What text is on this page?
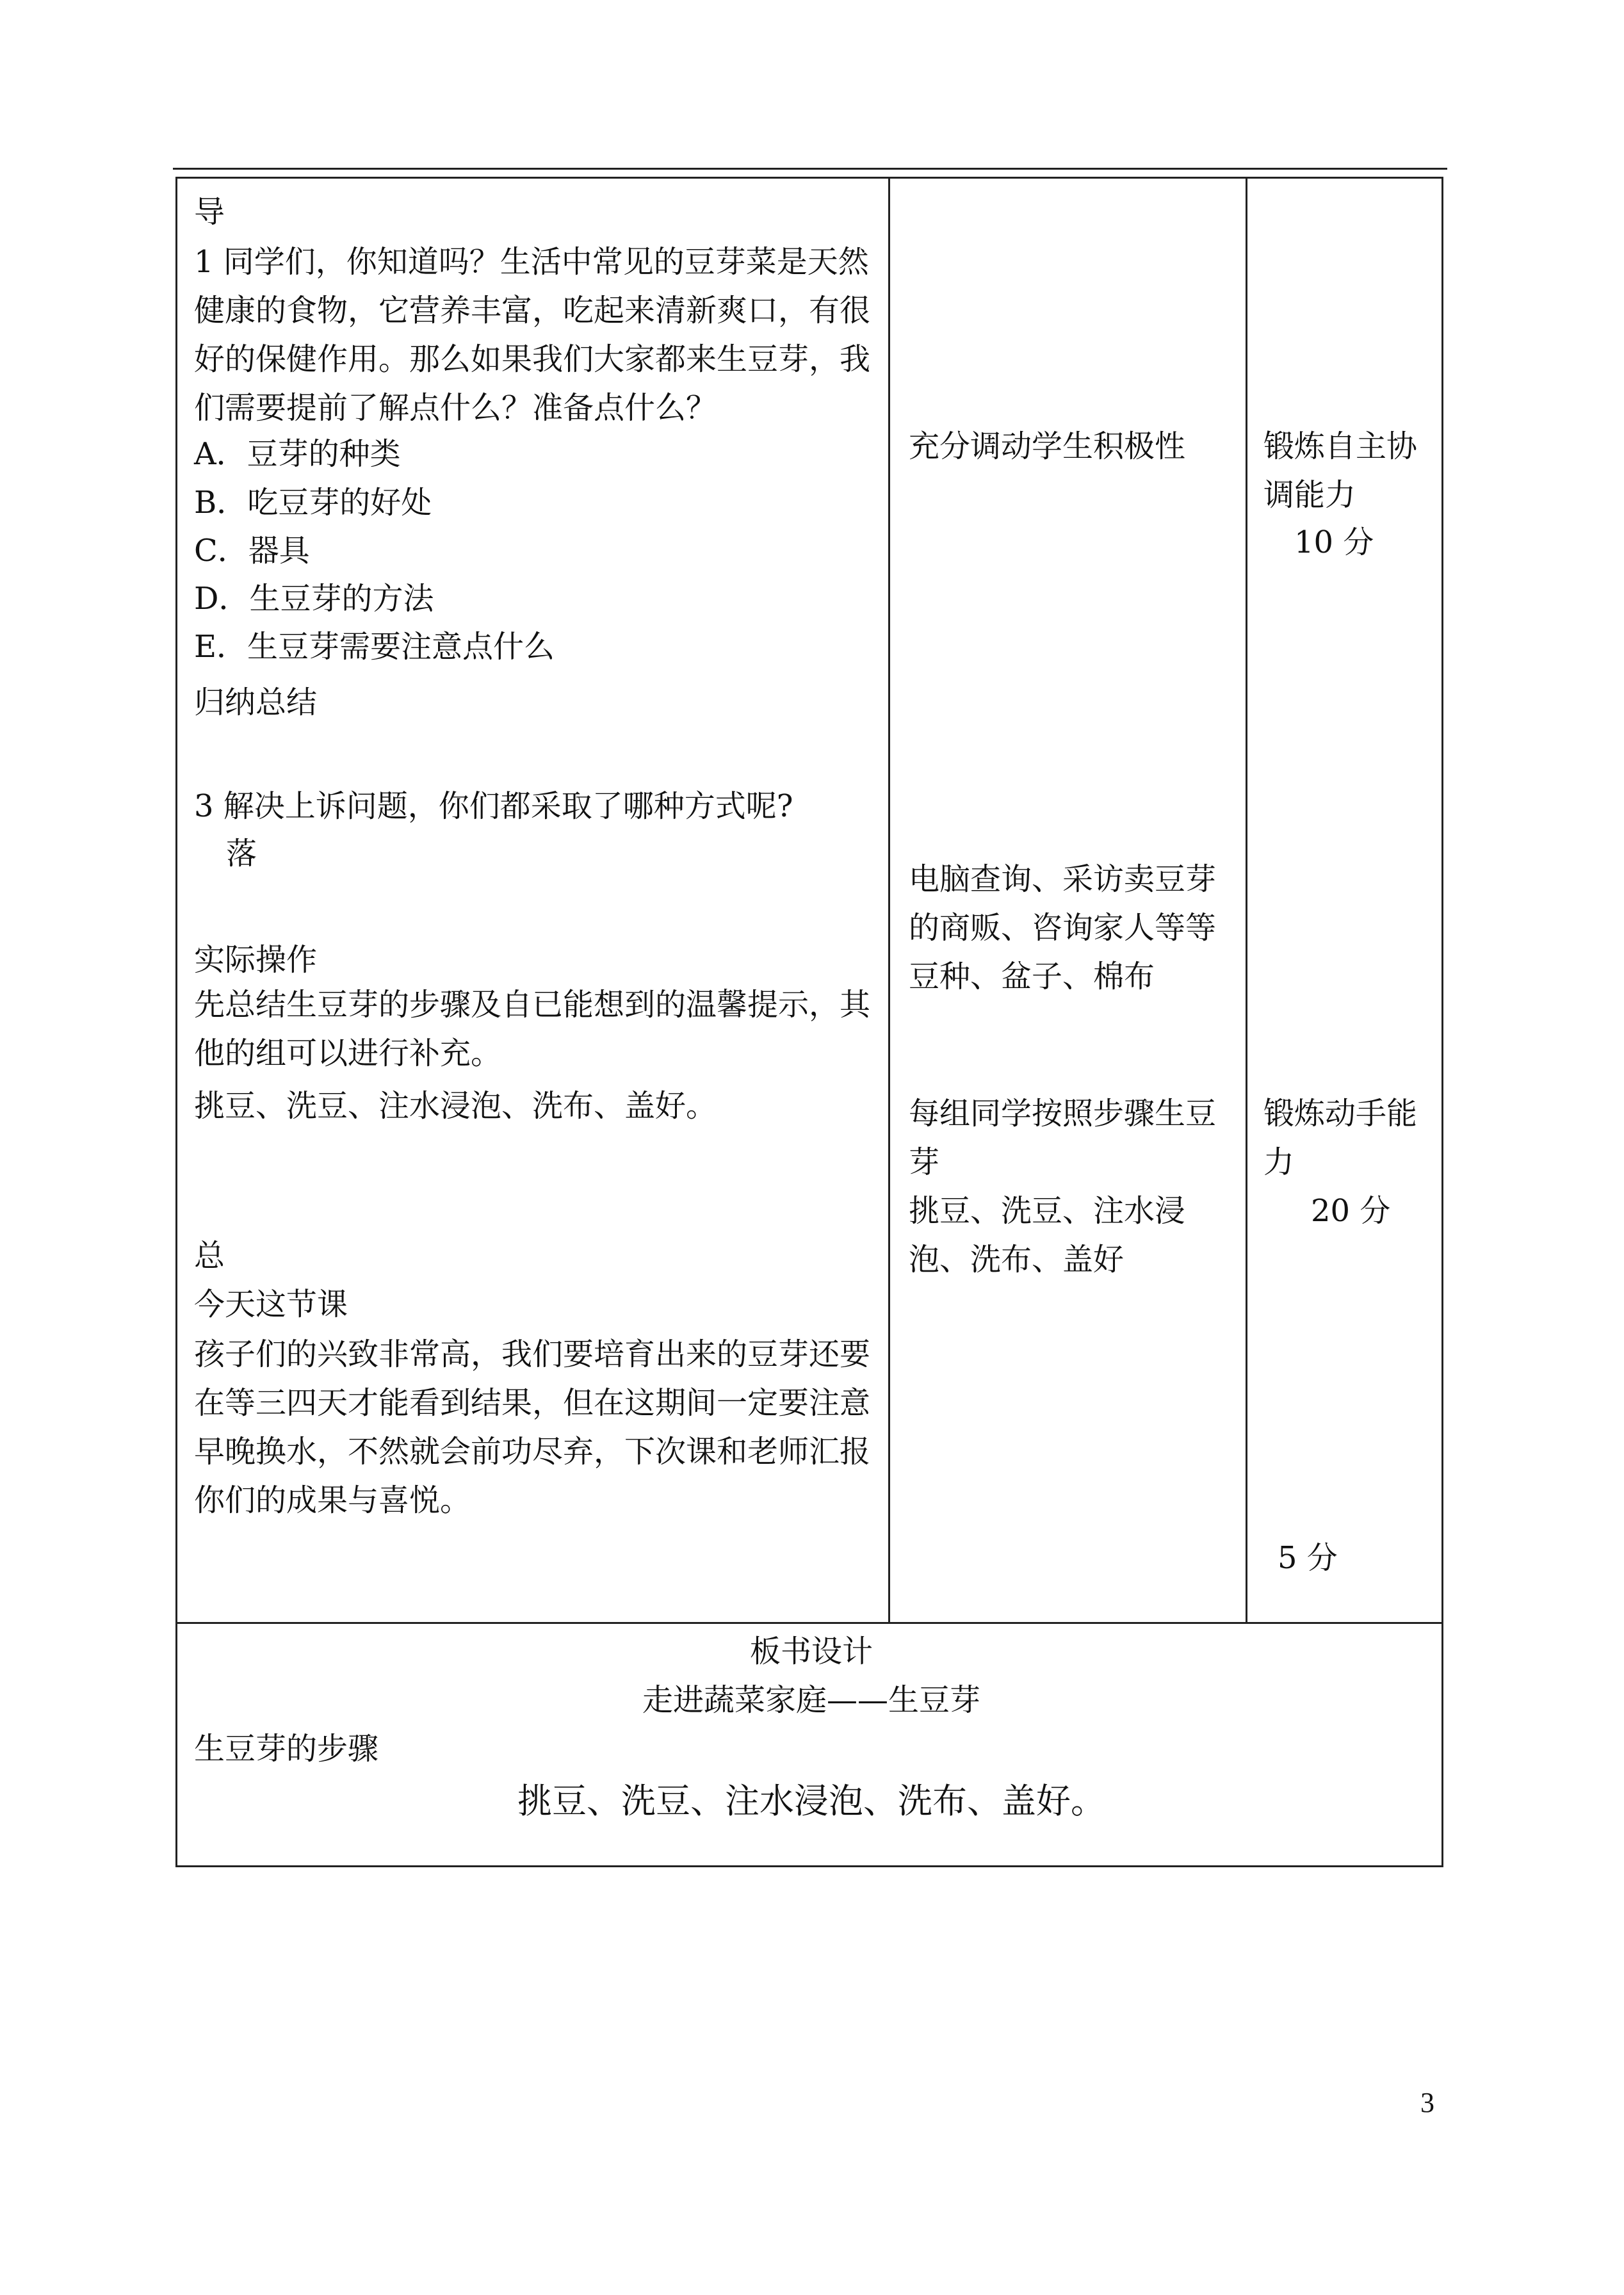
导
1 同学们，你知道吗？生活中常见的豆芽菜是天然健康的食物，它营养丰富，吃起来清新爽口，有很好的保健作用。那么如果我们大家都来生豆芽，我们需要提前了解点什么？准备点什么？
A．豆芽的种类
B．吃豆芽的好处
C．器具
D．生豆芽的方法
E．生豆芽需要注意点什么
归纳总结
3 解决上诉问题，你们都采取了哪种方式呢?
落
实际操作
先总结生豆芽的步骤及自已能想到的温馨提示，其他的组可以进行补充。
挑豆、洗豆、注水浸泡、洗布、盖好。
总
今天这节课
孩子们的兴致非常高，我们要培育出来的豆芽还要在等三四天才能看到结果，但在这期间一定要注意早晚换水，不然就会前功尽弃，下次课和老师汇报 你们的成果与喜悦。
充分调动学生积极性
电脑查询、采访卖豆芽的商贩、咨询家人等等豆种、盆子、棉布
每组同学按照步骤生豆芽
挑豆、洗豆、注水浸泡、洗布、盖好
锻炼自主协调能力
10 分
锻炼动手能力
20 分
5 分
板书设计
走进蔬菜家庭——生豆芽
生豆芽的步骤
挑豆、洗豆、注水浸泡、洗布、盖好。
3
